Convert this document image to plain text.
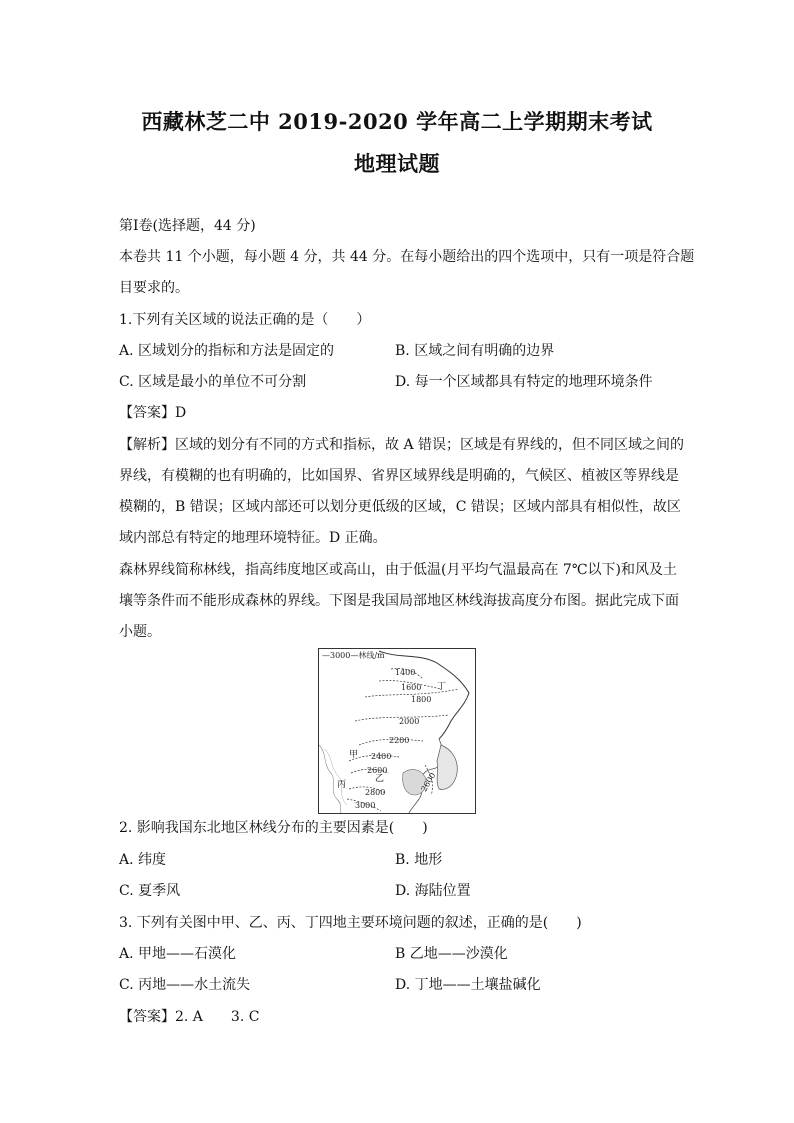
西藏林芝二中 2019-2020 学年高二上学期期末考试
地理试题
第Ⅰ卷(选择题，44 分)
本卷共 11 个小题，每小题 4 分，共 44 分。在每小题给出的四个选项中，只有一项是符合题
目要求的。
1.下列有关区域的说法正确的是（　　）
A. 区域划分的指标和方法是固定的	B. 区域之间有明确的边界
C. 区域是最小的单位不可分割	D. 每一个区域都具有特定的地理环境条件
【答案】D
【解析】区域的划分有不同的方式和指标，故 A 错误；区域是有界线的，但不同区域之间的
界线，有模糊的也有明确的，比如国界、省界区域界线是明确的，气候区、植被区等界线是
模糊的，B 错误；区域内部还可以划分更低级的区域，C 错误；区域内部具有相似性，故区
域内部总有特定的地理环境特征。D 正确。
森林界线简称林线，指高纬度地区或高山，由于低温(月平均气温最高在 7℃以下)和风及土
壤等条件而不能形成森林的界线。下图是我国局部地区林线海拔高度分布图。据此完成下面
小题。
—3000—林线/m
1400
1600
1800
2000
2200
2400
2600
2800
3000
2600
丁
甲
乙
丙
2. 影响我国东北地区林线分布的主要因素是(　　)
A. 纬度	B. 地形
C. 夏季风	D. 海陆位置
3. 下列有关图中甲、乙、丙、丁四地主要环境问题的叙述，正确的是(　　)
A. 甲地——石漠化	B 乙地——沙漠化
C. 丙地——水土流失	D. 丁地——土壤盐碱化
【答案】2. A　　3. C
